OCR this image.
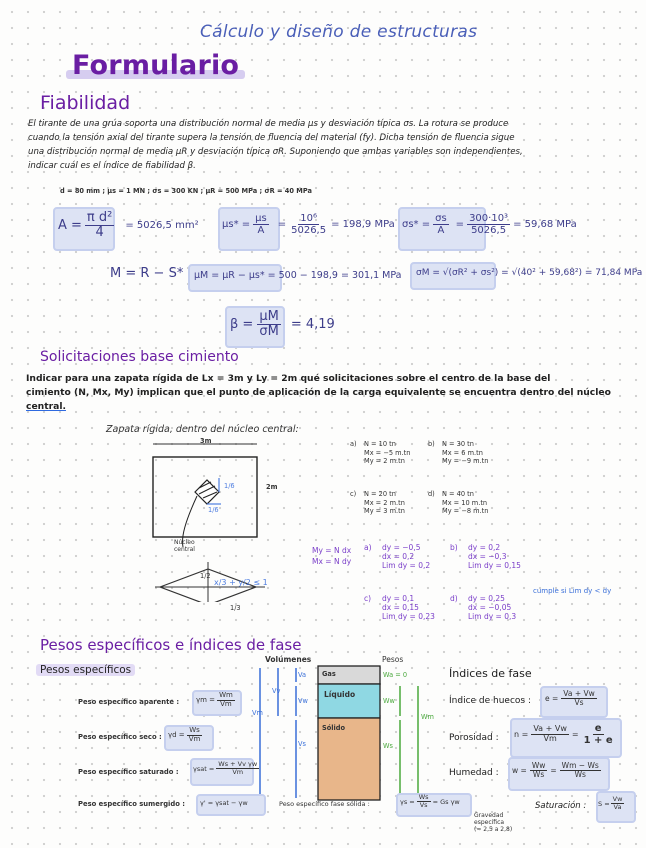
Cálculo y diseño de estructuras
Formulario
Fiabilidad
El tirante de una grúa soporta una distribución normal de media μs y desviación típica σs. La rotura se produce
cuando la tensión axial del tirante supera la tensión de fluencia del material (fy). Dicha tensión de fluencia sigue
una distribución normal de media μR y desviación típica σR. Suponiendo que ambas variables son independientes,
indicar cuál es el índice de fiabilidad β.
d = 80 mm ; μs = 1 MN ; σs = 300 KN ; μR = 500 MPa ; σR = 40 MPa
$A = \frac{\text{π d²}}{4} = 5026,5$ mm² $\mu s* = \frac{\mu s}{A} = \frac{\text{10⁶}}{5026,5} = 198,9$ MPa $\sigma s* = \frac{\sigma s}{A} = \frac{\text{300·10³}}{5026,5} = 59,68$ MPa
M = R − S* μM = μR − μs* = 500 − 198,9 = 301,1 MPa σM = √(σR² + σs²) = √(40² + 59,68²) = 71,84 MPa
$\beta = \frac{\mu M}{\sigma M} = 4,19$
Solicitaciones base cimiento
Indicar para una zapata rígida de Lx = 3m y Ly = 2m qué solicitaciones sobre el centro de la base del
cimiento (N, Mx, My) implican que el punto de aplicación de la carga equivalente se encuentra dentro del núcleo
central.
Zapata rígida, dentro del núcleo central:
3m
2m
Núcleo
central
1/6
1/6
x/3 + y/2 ≤ 1
1/2
1/3
a) N = 10 tn
Mx = −5 m.tn
My = 2 m.tn
b) N = 30 tn
Mx = 6 m.tn
My = −9 m.tn
c) N = 20 tn
Mx = 2 m.tn
My = 3 m.tn
d) N = 40 tn
Mx = 10 m.tn
My = −8 m.tn
My = N dx
Mx = N dy
a) dy = −0,5
dx = 0,2
Lim dy = 0,2
b) dy = 0,2
dx = −0,3
Lim dy = 0,15
c) dy = 0,1
dx = 0,15
Lim dy = 0,23
d) dy = 0,25
dx = −0,05
Lim dy = 0,3
cumple si Lim dy < dy
Pesos específicos e índices de fase
Pesos específicos
Volúmenes	Pesos
Gas
Líquido
Sólido
Va
Vw
Vs
Vv
Vm
Wa = 0
Ww
Ws
Wm
Peso específico aparente : $\gamma m = \frac{Wm}{Vm}$
Peso específico seco : $\gamma d = \frac{Ws}{Vm}$
Peso específico saturado : $\gamma sat = \frac{\text{Ws + Vv γw}}{Vm}$
Peso específico sumergido : γ' = γsat − γw	Peso específico fase sólida :	$\gamma s = \frac{Ws}{Vs} = Gs$ γw
Gravedad
específica
(≈ 2,5 a 2,8)
Índices de fase
Índice de huecos : $e = \frac{Va + Vw}{Vs}$
Porosidad : $n = \frac{Va + Vw}{Vm} = \frac{e}{1 + e}$
Humedad : $w = \frac{Ww}{Ws} = \frac{Wm - Ws}{Ws}$
Saturación : $S = \frac{Vw}{Va}$
